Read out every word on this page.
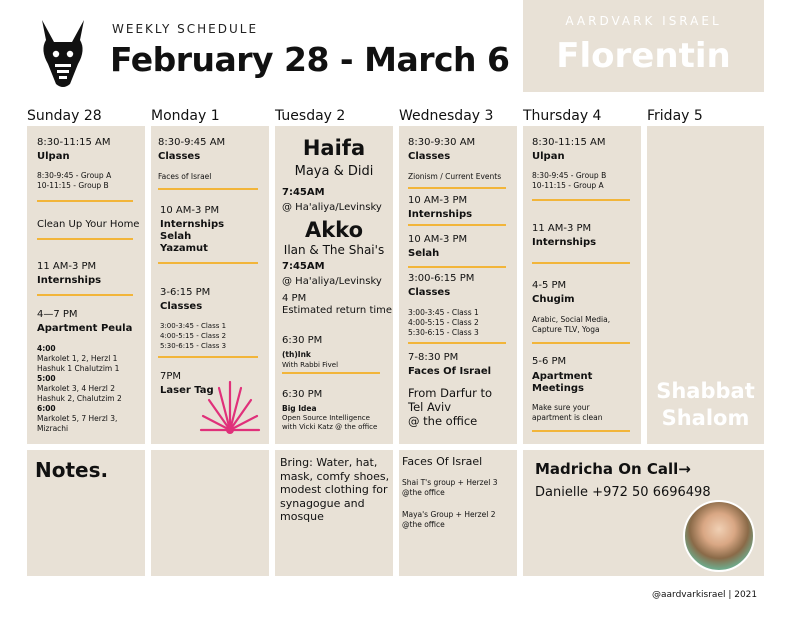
WEEKLY SCHEDULE
February 28 - March 6
AARDVARK ISRAEL
Florentin
Sunday 28	Monday 1	Tuesday 2	Wednesday 3 Thursday 4	Friday 5
8:30-11:15 AM
Ulpan
8:30-9:45 - Group A
10-11:15 - Group B
Clean Up Your Home
11 AM-3 PM
Internships
4—7 PM
Apartment Peula
4:00
Markolet 1, 2, Herzl 1
Hashuk 1 Chalutzim 1
5:00
Markolet 3, 4 Herzl 2
Hashuk 2, Chalutzim 2
6:00
Markolet 5, 7 Herzl 3,
Mizrachi
8:30-9:45 AM
Classes
Faces of Israel
10 AM-3 PM
Internships
Selah
Yazamut
3-6:15 PM
Classes
3:00-3:45 - Class 1
4:00-5:15 - Class 2
5:30-6:15 - Class 3
7PM
Laser Tag
Haifa
Maya & Didi
7:45AM
@ Ha'aliya/Levinsky
Akko
Ilan & The Shai's
7:45AM
@ Ha'aliya/Levinsky
4 PM
Estimated return time
6:30 PM
(th)Ink
With Rabbi Fivel
6:30 PM
Big Idea
Open Source Intelligence
with Vicki Katz @ the office
8:30-9:30 AM
Classes
Zionism / Current Events
10 AM-3 PM
Internships
10 AM-3 PM
Selah
3:00-6:15 PM
Classes
3:00-3:45 - Class 1
4:00-5:15 - Class 2
5:30-6:15 - Class 3
7-8:30 PM
Faces Of Israel
From Darfur to
Tel Aviv
@ the office
8:30-11:15 AM
Ulpan
8:30-9:45 - Group B
10-11:15 - Group A
11 AM-3 PM
Internships
4-5 PM
Chugim
Arabic, Social Media,
Capture TLV, Yoga
5-6 PM
Apartment
Meetings
Make sure your
apartment is clean
Shabbat
Shalom
Notes.	Bring: Water, hat,
mask, comfy shoes,
modest clothing for
synagogue and
mosque
Faces Of Israel
Shai T's group + Herzel 3
@the office
Maya's Group + Herzel 2
@the office
Madricha On Call→
Danielle +972 50 6696498
@aardvarkisrael | 2021
